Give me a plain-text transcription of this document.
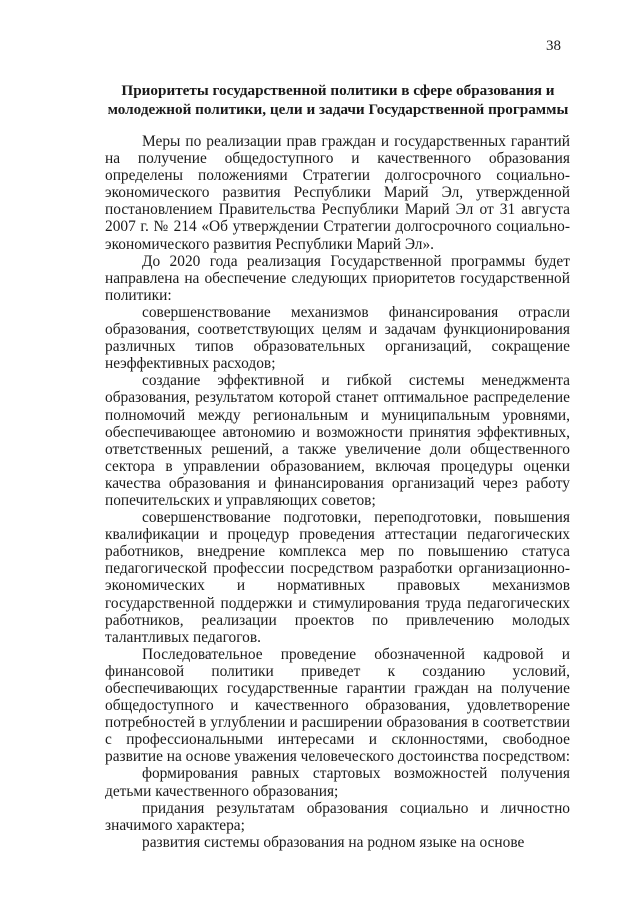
38
Приоритеты государственной политики в сфере образования и молодежной политики, цели и задачи Государственной программы

Меры по реализации прав граждан и государственных гарантий на получение общедоступного и качественного образования определены положениями Стратегии долгосрочного социально-экономического развития Республики Марий Эл, утвержденной постановлением Правительства Республики Марий Эл от 31 августа 2007 г. № 214 «Об утверждении Стратегии долгосрочного социально-экономического развития Республики Марий Эл».

До 2020 года реализация Государственной программы будет направлена на обеспечение следующих приоритетов государственной политики:

совершенствование механизмов финансирования отрасли образования, соответствующих целям и задачам функционирования различных типов образовательных организаций, сокращение неэффективных расходов;

создание эффективной и гибкой системы менеджмента образования, результатом которой станет оптимальное распределение полномочий между региональным и муниципальным уровнями, обеспечивающее автономию и возможности принятия эффективных, ответственных решений, а также увеличение доли общественного сектора в управлении образованием, включая процедуры оценки качества образования и финансирования организаций через работу попечительских и управляющих советов;

совершенствование подготовки, переподготовки, повышения квалификации и процедур проведения аттестации педагогических работников, внедрение комплекса мер по повышению статуса педагогической профессии посредством разработки организационно-экономических и нормативных правовых механизмов государственной поддержки и стимулирования труда педагогических работников, реализации проектов по привлечению молодых талантливых педагогов.

Последовательное проведение обозначенной кадровой и финансовой политики приведет к созданию условий, обеспечивающих государственные гарантии граждан на получение общедоступного и качественного образования, удовлетворение потребностей в углублении и расширении образования в соответствии с профессиональными интересами и склонностями, свободное развитие на основе уважения человеческого достоинства посредством:

формирования равных стартовых возможностей получения детьми качественного образования;

придания результатам образования социально и личностно значимого характера;

развития системы образования на родном языке на основе
